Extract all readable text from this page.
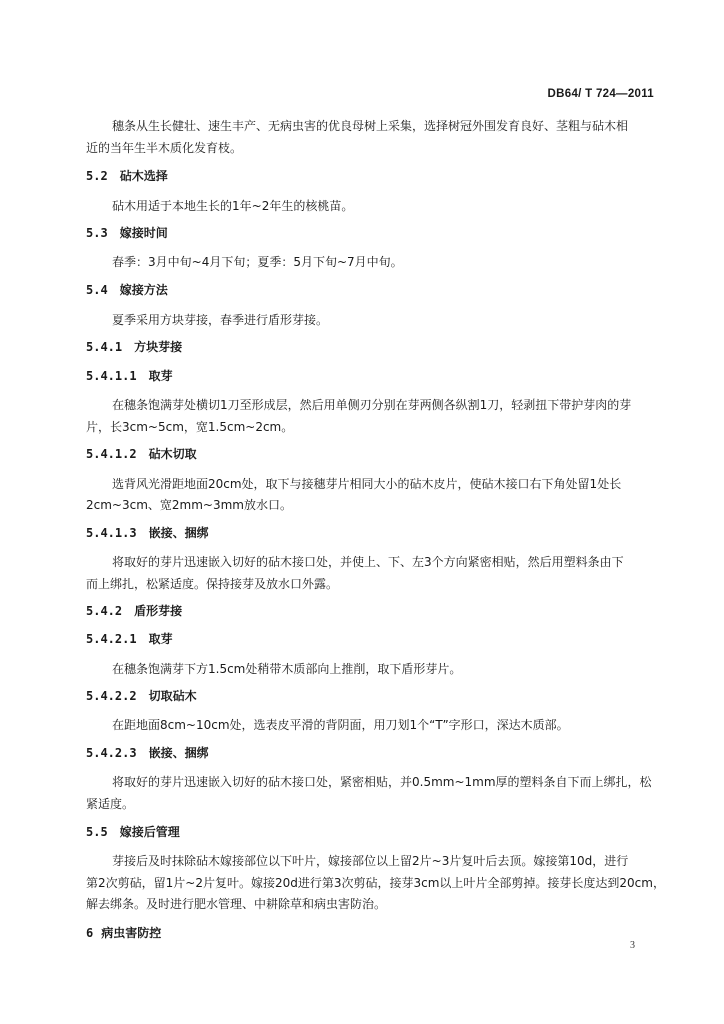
DB64/ T 724—2011
穗条从生长健壮、速生丰产、无病虫害的优良母树上采集，选择树冠外围发育良好、茎粗与砧木相
近的当年生半木质化发育枝。
5.2 砧木选择
砧木用适于本地生长的1年~2年生的核桃苗。
5.3 嫁接时间
春季：3月中旬~4月下旬；夏季：5月下旬~7月中旬。
5.4 嫁接方法
夏季采用方块芽接，春季进行盾形芽接。
5.4.1 方块芽接
5.4.1.1 取芽
在穗条饱满芽处横切1刀至形成层，然后用单侧刃分别在芽两侧各纵割1刀，轻剥扭下带护芽肉的芽
片，长3cm~5cm，宽1.5cm~2cm。
5.4.1.2 砧木切取
选背风光滑距地面20cm处，取下与接穗芽片相同大小的砧木皮片，使砧木接口右下角处留1处长
2cm~3cm、宽2mm~3mm放水口。
5.4.1.3 嵌接、捆绑
将取好的芽片迅速嵌入切好的砧木接口处，并使上、下、左3个方向紧密相贴，然后用塑料条由下
而上绑扎，松紧适度。保持接芽及放水口外露。
5.4.2 盾形芽接
5.4.2.1 取芽
在穗条饱满芽下方1.5cm处稍带木质部向上推削，取下盾形芽片。
5.4.2.2 切取砧木
在距地面8cm~10cm处，选表皮平滑的背阴面，用刀划1个“T”字形口，深达木质部。
5.4.2.3 嵌接、捆绑
将取好的芽片迅速嵌入切好的砧木接口处，紧密相贴，并0.5mm~1mm厚的塑料条自下而上绑扎，松
紧适度。
5.5 嫁接后管理
芽接后及时抹除砧木嫁接部位以下叶片，嫁接部位以上留2片~3片复叶后去顶。嫁接第10d，进行
第2次剪砧，留1片~2片复叶。嫁接20d进行第3次剪砧，接芽3cm以上叶片全部剪掉。接芽长度达到20cm，
解去绑条。及时进行肥水管理、中耕除草和病虫害防治。
6 病虫害防控
3
